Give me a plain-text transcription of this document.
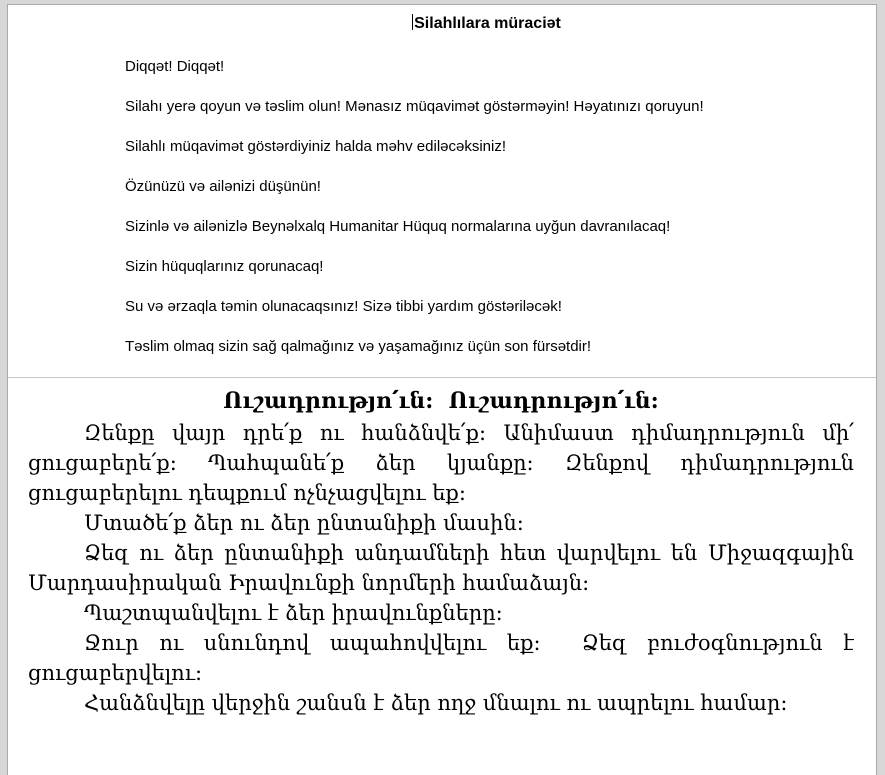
Silahlılara müraciət

Diqqət! Diqqət!

Silahı yerə qoyun və təslim olun! Mənasız müqavimət göstərməyin! Həyatınızı qoruyun!

Silahlı müqavimət göstərdiyiniz halda məhv ediləcəksiniz!

Özünüzü və ailənizi düşünün!

Sizinlə və ailənizlə Beynəlxalq Humanitar Hüquq normalarına uyğun davranılacaq!

Sizin hüquqlarınız qorunacaq!

Su və ərzaqla təmin olunacaqsınız! Sizə tibbi yardım göstəriləcək!

Təslim olmaq sizin sağ qalmağınız və yaşamağınız üçün son fürsətdir!

Ուշադրությո՛ւն:  Ուշադրությո՛ւն:

Զենքը վայր դրե՛ք ու հանձնվե՛ք: Անիմաստ դիմադրություն մի՛ ցուցաբերե՛ք: Պահպանե՛ք ձեր կյանքը: Զենքով դիմադրություն ցուցաբերելու դեպքում ոչնչացվելու եք:

Մտածե՛ք ձեր ու ձեր ընտանիքի մասին:

Ձեզ ու ձեր ընտանիքի անդամների հետ վարվելու են Միջազգային Մարդասիրական Իրավունքի նորմերի համաձայն:

Պաշտպանվելու է ձեր իրավունքները:

Ջուր ու սնունդով ապահովվելու եք:  Ձեզ բուժօգնություն է ցուցաբերվելու:

Հանձնվելը վերջին շանսն է ձեր ողջ մնալու ու ապրելու համար:
